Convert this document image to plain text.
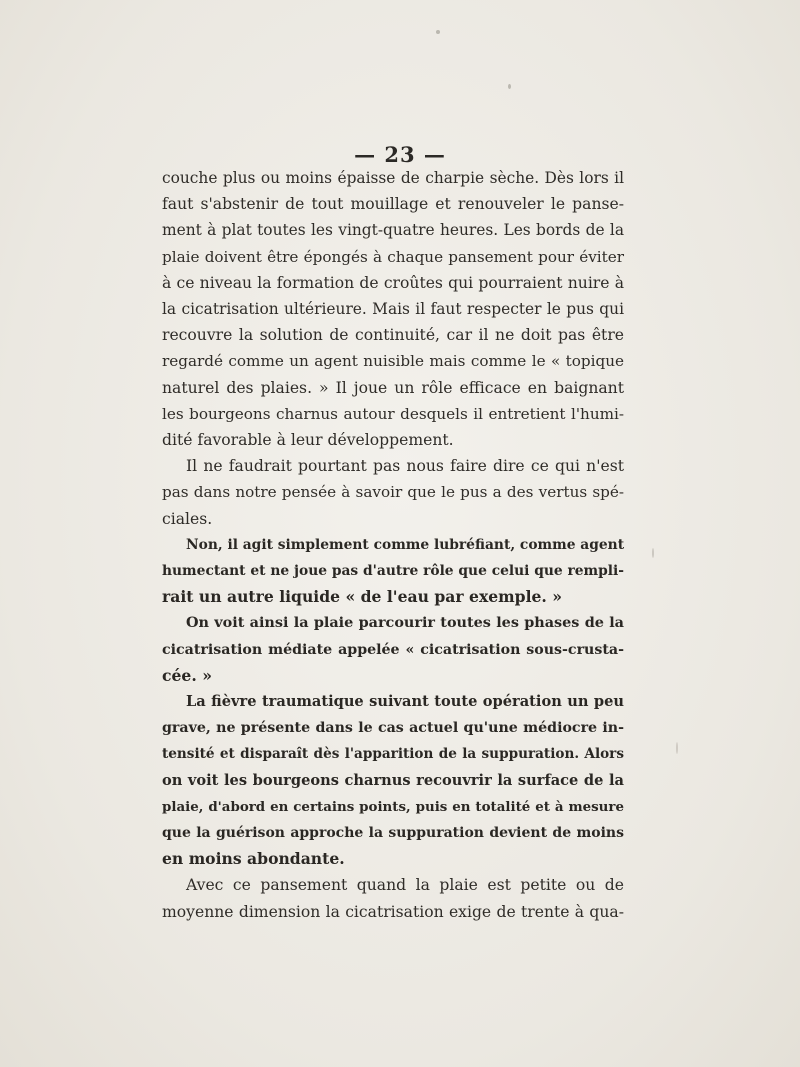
— 23 —

couche plus ou moins épaisse de charpie sèche. Dès lors il
faut s'abstenir de tout mouillage et renouveler le panse-
ment à plat toutes les vingt-quatre heures. Les bords de la
plaie doivent être épongés à chaque pansement pour éviter
à ce niveau la formation de croûtes qui pourraient nuire à
la cicatrisation ultérieure. Mais il faut respecter le pus qui
recouvre la solution de continuité, car il ne doit pas être
regardé comme un agent nuisible mais comme le « topique
naturel des plaies. » Il joue un rôle efficace en baignant
les bourgeons charnus autour desquels il entretient l'humi-
dité favorable à leur développement.

Il ne faudrait pourtant pas nous faire dire ce qui n'est
pas dans notre pensée à savoir que le pus a des vertus spé-
ciales.

Non, il agit simplement comme lubréfiant, comme agent
humectant et ne joue pas d'autre rôle que celui que rempli-
rait un autre liquide « de l'eau par exemple. »

On voit ainsi la plaie parcourir toutes les phases de la
cicatrisation médiate appelée « cicatrisation sous-crusta-
cée. »

La fièvre traumatique suivant toute opération un peu
grave, ne présente dans le cas actuel qu'une médiocre in-
tensité et disparaît dès l'apparition de la suppuration. Alors
on voit les bourgeons charnus recouvrir la surface de la
plaie, d'abord en certains points, puis en totalité et à mesure
que la guérison approche la suppuration devient de moins
en moins abondante.

Avec ce pansement quand la plaie est petite ou de
moyenne dimension la cicatrisation exige de trente à qua-
